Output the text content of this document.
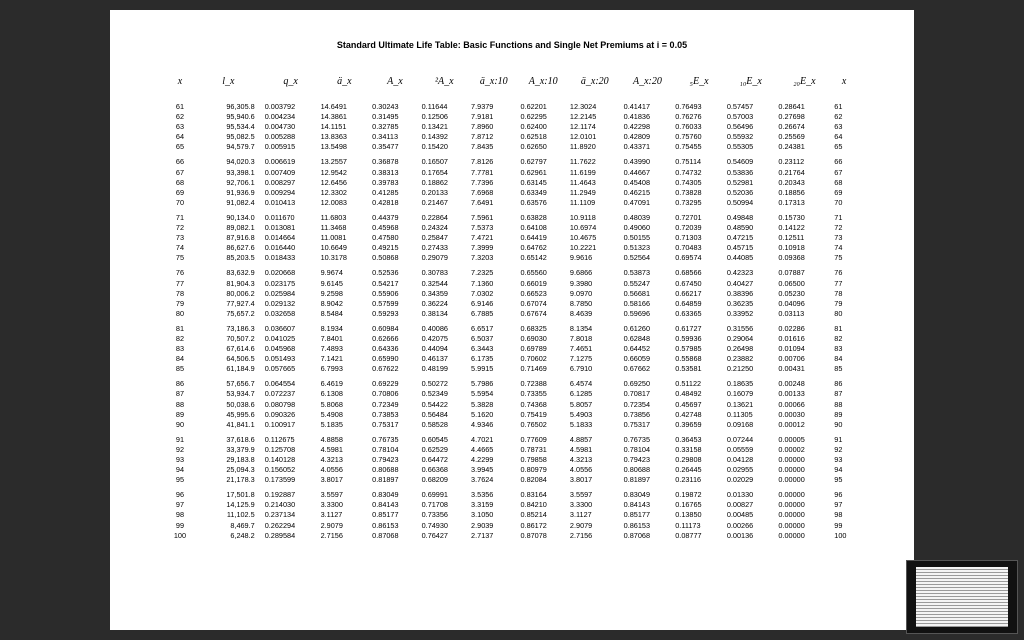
Standard Ultimate Life Table: Basic Functions and Single Net Premiums at i = 0.05
x	l_x	q_x	ä_x	A_x	²A_x	ä_x:10	A_x:10	ä_x:20	A_x:20	₅E_x	₁₀E_x	₂₀E_x	x
61	96,305.8	0.003792	14.6491	0.30243	0.11644	7.9379	0.62201	12.3024	0.41417	0.76493	0.57457	0.28641	61
62	95,940.6	0.004234	14.3861	0.31495	0.12506	7.9181	0.62295	12.2145	0.41836	0.76276	0.57003	0.27698	62
63	95,534.4	0.004730	14.1151	0.32785	0.13421	7.8960	0.62400	12.1174	0.42298	0.76033	0.56496	0.26674	63
64	95,082.5	0.005288	13.8363	0.34113	0.14392	7.8712	0.62518	12.0101	0.42809	0.75760	0.55932	0.25569	64
65	94,579.7	0.005915	13.5498	0.35477	0.15420	7.8435	0.62650	11.8920	0.43371	0.75455	0.55305	0.24381	65
66	94,020.3	0.006619	13.2557	0.36878	0.16507	7.8126	0.62797	11.7622	0.43990	0.75114	0.54609	0.23112	66
67	93,398.1	0.007409	12.9542	0.38313	0.17654	7.7781	0.62961	11.6199	0.44667	0.74732	0.53836	0.21764	67
68	92,706.1	0.008297	12.6456	0.39783	0.18862	7.7396	0.63145	11.4643	0.45408	0.74305	0.52981	0.20343	68
69	91,936.9	0.009294	12.3302	0.41285	0.20133	7.6968	0.63349	11.2949	0.46215	0.73828	0.52036	0.18856	69
70	91,082.4	0.010413	12.0083	0.42818	0.21467	7.6491	0.63576	11.1109	0.47091	0.73295	0.50994	0.17313	70
71	90,134.0	0.011670	11.6803	0.44379	0.22864	7.5961	0.63828	10.9118	0.48039	0.72701	0.49848	0.15730	71
72	89,082.1	0.013081	11.3468	0.45968	0.24324	7.5373	0.64108	10.6974	0.49060	0.72039	0.48590	0.14122	72
73	87,916.8	0.014664	11.0081	0.47580	0.25847	7.4721	0.64419	10.4675	0.50155	0.71303	0.47215	0.12511	73
74	86,627.6	0.016440	10.6649	0.49215	0.27433	7.3999	0.64762	10.2221	0.51323	0.70483	0.45715	0.10918	74
75	85,203.5	0.018433	10.3178	0.50868	0.29079	7.3203	0.65142	9.9616	0.52564	0.69574	0.44085	0.09368	75
76	83,632.9	0.020668	9.9674	0.52536	0.30783	7.2325	0.65560	9.6866	0.53873	0.68566	0.42323	0.07887	76
77	81,904.3	0.023175	9.6145	0.54217	0.32544	7.1360	0.66019	9.3980	0.55247	0.67450	0.40427	0.06500	77
78	80,006.2	0.025984	9.2598	0.55906	0.34359	7.0302	0.66523	9.0970	0.56681	0.66217	0.38396	0.05230	78
79	77,927.4	0.029132	8.9042	0.57599	0.36224	6.9146	0.67074	8.7850	0.58166	0.64859	0.36235	0.04096	79
80	75,657.2	0.032658	8.5484	0.59293	0.38134	6.7885	0.67674	8.4639	0.59696	0.63365	0.33952	0.03113	80
81	73,186.3	0.036607	8.1934	0.60984	0.40086	6.6517	0.68325	8.1354	0.61260	0.61727	0.31556	0.02286	81
82	70,507.2	0.041025	7.8401	0.62666	0.42075	6.5037	0.69030	7.8018	0.62848	0.59936	0.29064	0.01616	82
83	67,614.6	0.045968	7.4893	0.64336	0.44094	6.3443	0.69789	7.4651	0.64452	0.57985	0.26498	0.01094	83
84	64,506.5	0.051493	7.1421	0.65990	0.46137	6.1735	0.70602	7.1275	0.66059	0.55868	0.23882	0.00706	84
85	61,184.9	0.057665	6.7993	0.67622	0.48199	5.9915	0.71469	6.7910	0.67662	0.53581	0.21250	0.00431	85
86	57,656.7	0.064554	6.4619	0.69229	0.50272	5.7986	0.72388	6.4574	0.69250	0.51122	0.18635	0.00248	86
87	53,934.7	0.072237	6.1308	0.70806	0.52349	5.5954	0.73355	6.1285	0.70817	0.48492	0.16079	0.00133	87
88	50,038.6	0.080798	5.8068	0.72349	0.54422	5.3828	0.74368	5.8057	0.72354	0.45697	0.13621	0.00066	88
89	45,995.6	0.090326	5.4908	0.73853	0.56484	5.1620	0.75419	5.4903	0.73856	0.42748	0.11305	0.00030	89
90	41,841.1	0.100917	5.1835	0.75317	0.58528	4.9346	0.76502	5.1833	0.75317	0.39659	0.09168	0.00012	90
91	37,618.6	0.112675	4.8858	0.76735	0.60545	4.7021	0.77609	4.8857	0.76735	0.36453	0.07244	0.00005	91
92	33,379.9	0.125708	4.5981	0.78104	0.62529	4.4665	0.78731	4.5981	0.78104	0.33158	0.05559	0.00002	92
93	29,183.8	0.140128	4.3213	0.79423	0.64472	4.2299	0.79858	4.3213	0.79423	0.29808	0.04128	0.00000	93
94	25,094.3	0.156052	4.0556	0.80688	0.66368	3.9945	0.80979	4.0556	0.80688	0.26445	0.02955	0.00000	94
95	21,178.3	0.173599	3.8017	0.81897	0.68209	3.7624	0.82084	3.8017	0.81897	0.23116	0.02029	0.00000	95
96	17,501.8	0.192887	3.5597	0.83049	0.69991	3.5356	0.83164	3.5597	0.83049	0.19872	0.01330	0.00000	96
97	14,125.9	0.214030	3.3300	0.84143	0.71708	3.3159	0.84210	3.3300	0.84143	0.16765	0.00827	0.00000	97
98	11,102.5	0.237134	3.1127	0.85177	0.73356	3.1050	0.85214	3.1127	0.85177	0.13850	0.00485	0.00000	98
99	8,469.7	0.262294	2.9079	0.86153	0.74930	2.9039	0.86172	2.9079	0.86153	0.11173	0.00266	0.00000	99
100	6,248.2	0.289584	2.7156	0.87068	0.76427	2.7137	0.87078	2.7156	0.87068	0.08777	0.00136	0.00000	100
